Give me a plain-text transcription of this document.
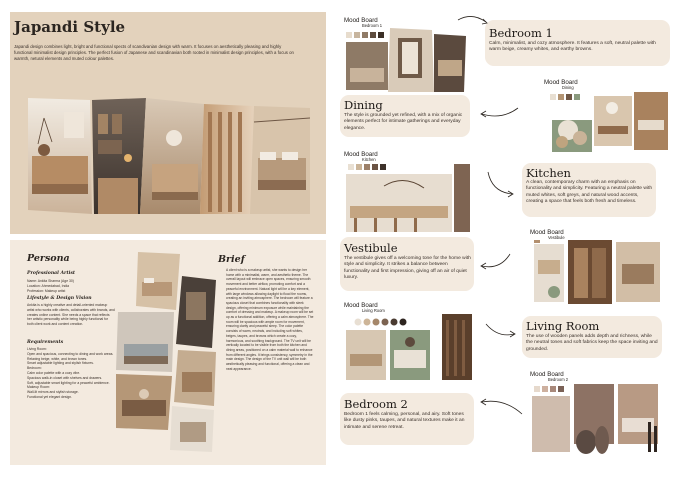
Japandi Style
Japandi design combines light, bright and functional spects of scandivanian design with warm. It focuses on aesthetically pleasing and highly functional minimalist design principles. The perfect fusion of Japanese and scandinavian both rooted in minimalist design principles, with a focus on warmth, netural elements and muted colour palettes.
Persona
Professional Artist
Name: Ankita Sharma (Age 30)
Location: Ahmedabad, India
Profession: Makeup artist
Lifestyle & Design Vision
Ankita is a highly creative and detail-oriented makeup artist who works with clients, collaborates with brands, and creates online content. She needs a space that reflects her artistic personality while being highly functional for both client work and content creation.
Requirements
Living Room:
Open and spacious, connecting to dining and work areas.
Relaxing beige, white, and brown tones.
Smart adjustable lighting and stylish fixtures.
Bedroom:
Calm color palette with a cozy vibe.
Spacious walk-in closet with shelves and drawers.
Soft, adjustable smart lighting for a peaceful ambience.
Makeup Room:
Wall-lit mirrors and stylish storage.
Functional yet elegant design.
Brief
A client who is a makeup artist, she wants to design her home with a minimalist, warm, and aesthetic theme. The overall layout will embrace open spaces, ensuring smooth movement and better airflow, promoting comfort and a peaceful environment. Natural light will be a key element, with large windows allowing daylight to flood the rooms, creating an inviting atmosphere. The bedroom will feature a spacious closet that combines functionality with sleek design, offering minimum exposure while maintaining the comfort of dressing and makeup. A makeup room will be set up as a functional addition, offering a calm atmosphere. The room will be spacious with ample room for movement, ensuring clarity and peaceful sleep. The color palette consists of warm, neutrals, and including soft whites, beiges, taupes, and browns which create a cozy, harmonious, and soothing background. The TV unit will be vertically located to be visible from both the kitchen and dining areas, positioned on a calm material wall to enhance from different angles. It brings consistency, symmetry in the main design. The design of the TV unit wall will be both aesthetically pleasing and functional, offering a clean and neat appearance.
Mood Board
Bedroom 1
Bedroom 1
Calm, minimalist, and cozy atmosphere. It features a soft, neutral palette with warm beige, creamy whites, and earthy browns.
Mood Board
Dining
Dining
The style is grounded yet refined, with a mix of organic elements perfect for intimate gatherings and everyday elegance.
Mood Board
Kitchen
Kitchen
A clean, contemporary charm with an emphasis on functionality and simplicity. Featuring a neutral palette with muted whites, soft greys, and natural wood accents, creating a space that feels both fresh and timeless.
Mood Board
Vestibule
Vestibule
The vestibule gives off a welcoming tone for the home with style and simplicity. It strikes a balance between functionality and first impression, giving off an air of quiet luxury.
Mood Board
Living Room
Living Room
The use of wooden panels adds depth and richness, while the neutral tones and soft fabrics keep the space inviting and grounded.
Mood Board
Bedroom 2
Bedroom 2
Bedroom 1 feels calming, personal, and airy. Soft tones like dusty pinks, taupes, and natural textures make it an intimate and serene retreat.
